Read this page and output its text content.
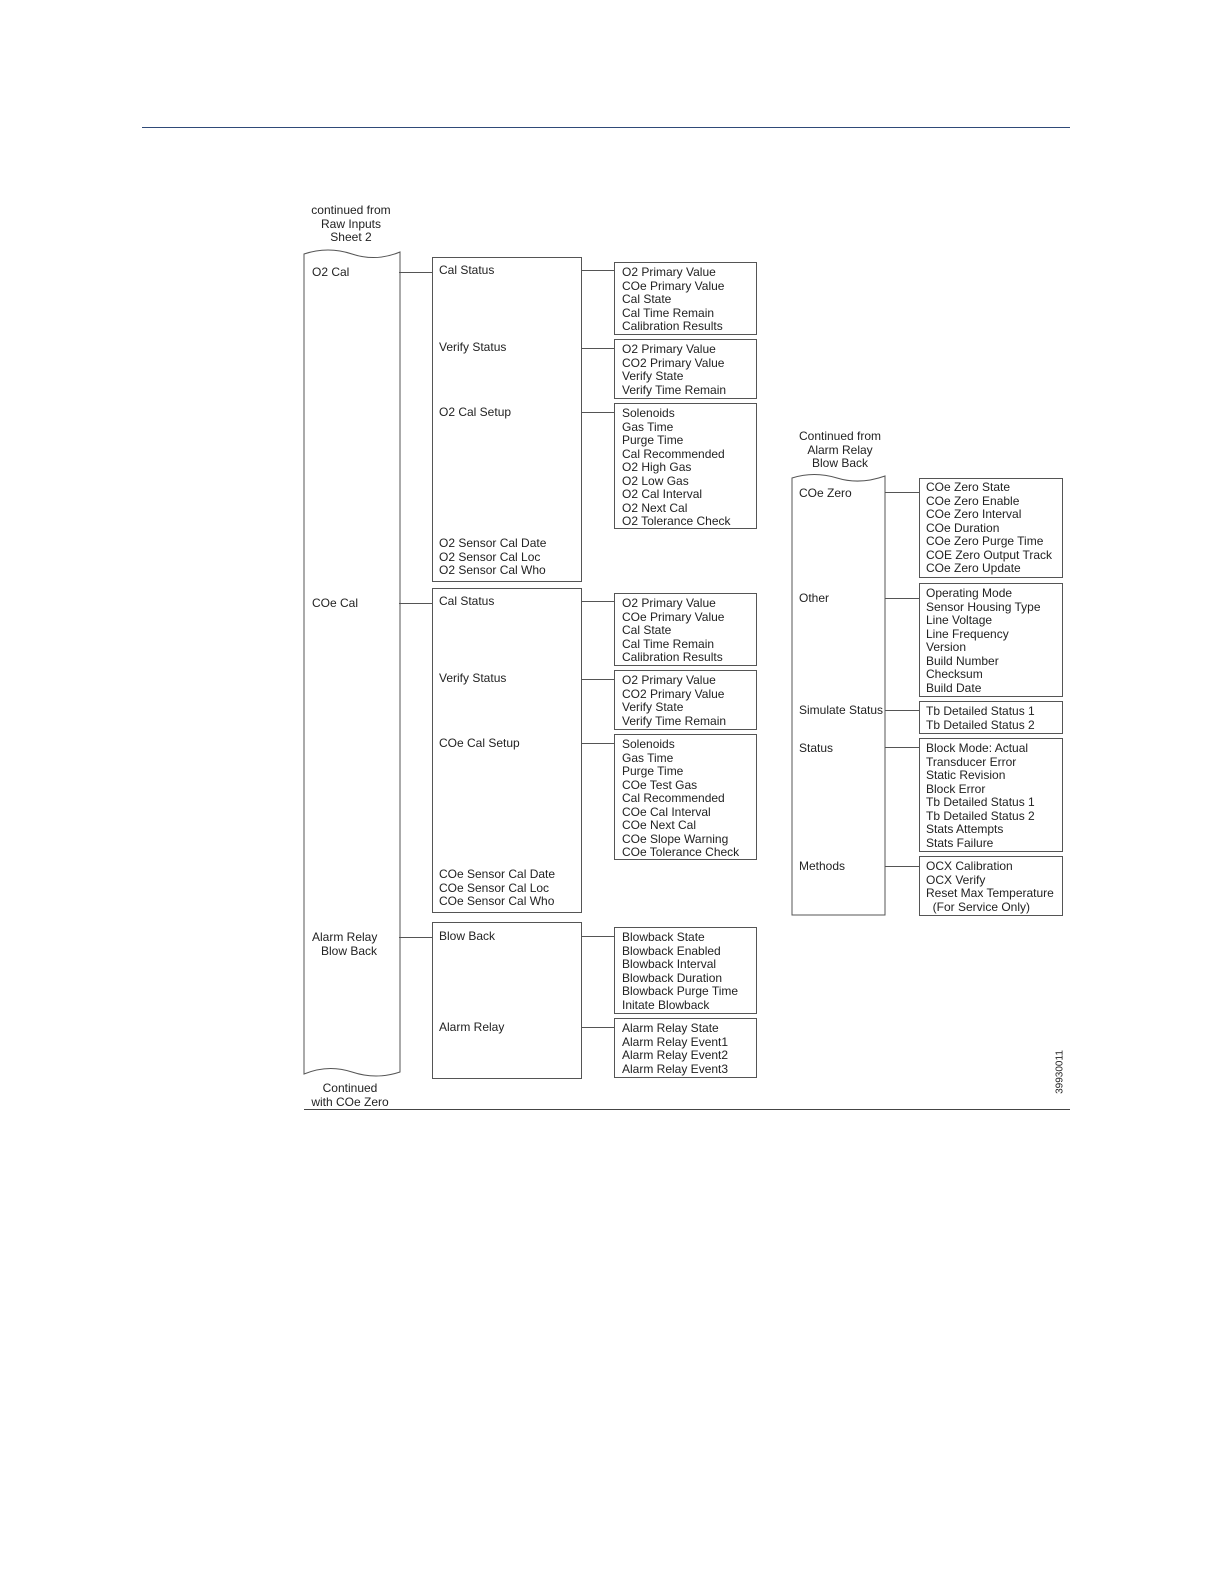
continued from
Raw Inputs
Sheet 2
O2 Cal
COe Cal
Alarm Relay
Blow Back
Continued
with COe Zero
Cal Status
Verify Status
O2 Cal Setup
O2 Sensor Cal Date
O2 Sensor Cal Loc
O2 Sensor Cal Who
O2 Primary Value
COe Primary Value
Cal State
Cal Time Remain
Calibration Results
O2 Primary Value
CO2 Primary Value
Verify State
Verify Time Remain
Solenoids
Gas Time
Purge Time
Cal Recommended
O2 High Gas
O2 Low Gas
O2 Cal Interval
O2 Next Cal
O2 Tolerance Check
Cal Status
Verify Status
COe Cal Setup
COe Sensor Cal Date
COe Sensor Cal Loc
COe Sensor Cal Who
O2 Primary Value
COe Primary Value
Cal State
Cal Time Remain
Calibration Results
O2 Primary Value
CO2 Primary Value
Verify State
Verify Time Remain
Solenoids
Gas Time
Purge Time
COe Test Gas
Cal Recommended
COe Cal Interval
COe Next Cal
COe Slope Warning
COe Tolerance Check
Blow Back
Alarm Relay
Blowback State
Blowback Enabled
Blowback Interval
Blowback Duration
Blowback Purge Time
Initate Blowback
Alarm Relay State
Alarm Relay Event1
Alarm Relay Event2
Alarm Relay Event3
Continued from
Alarm Relay
Blow Back
COe Zero
Other
Simulate Status
Status
Methods
COe Zero State
COe Zero Enable
COe Zero Interval
COe Duration
COe Zero Purge Time
COE Zero Output Track
COe Zero Update
Operating Mode
Sensor Housing Type
Line Voltage
Line Frequency
Version
Build Number
Checksum
Build Date
Tb Detailed Status 1
Tb Detailed Status 2
Block Mode: Actual
Transducer Error
Static Revision
Block Error
Tb Detailed Status 1
Tb Detailed Status 2
Stats Attempts
Stats Failure
OCX Calibration
OCX Verify
Reset Max Temperature
(For Service Only)
39930011
